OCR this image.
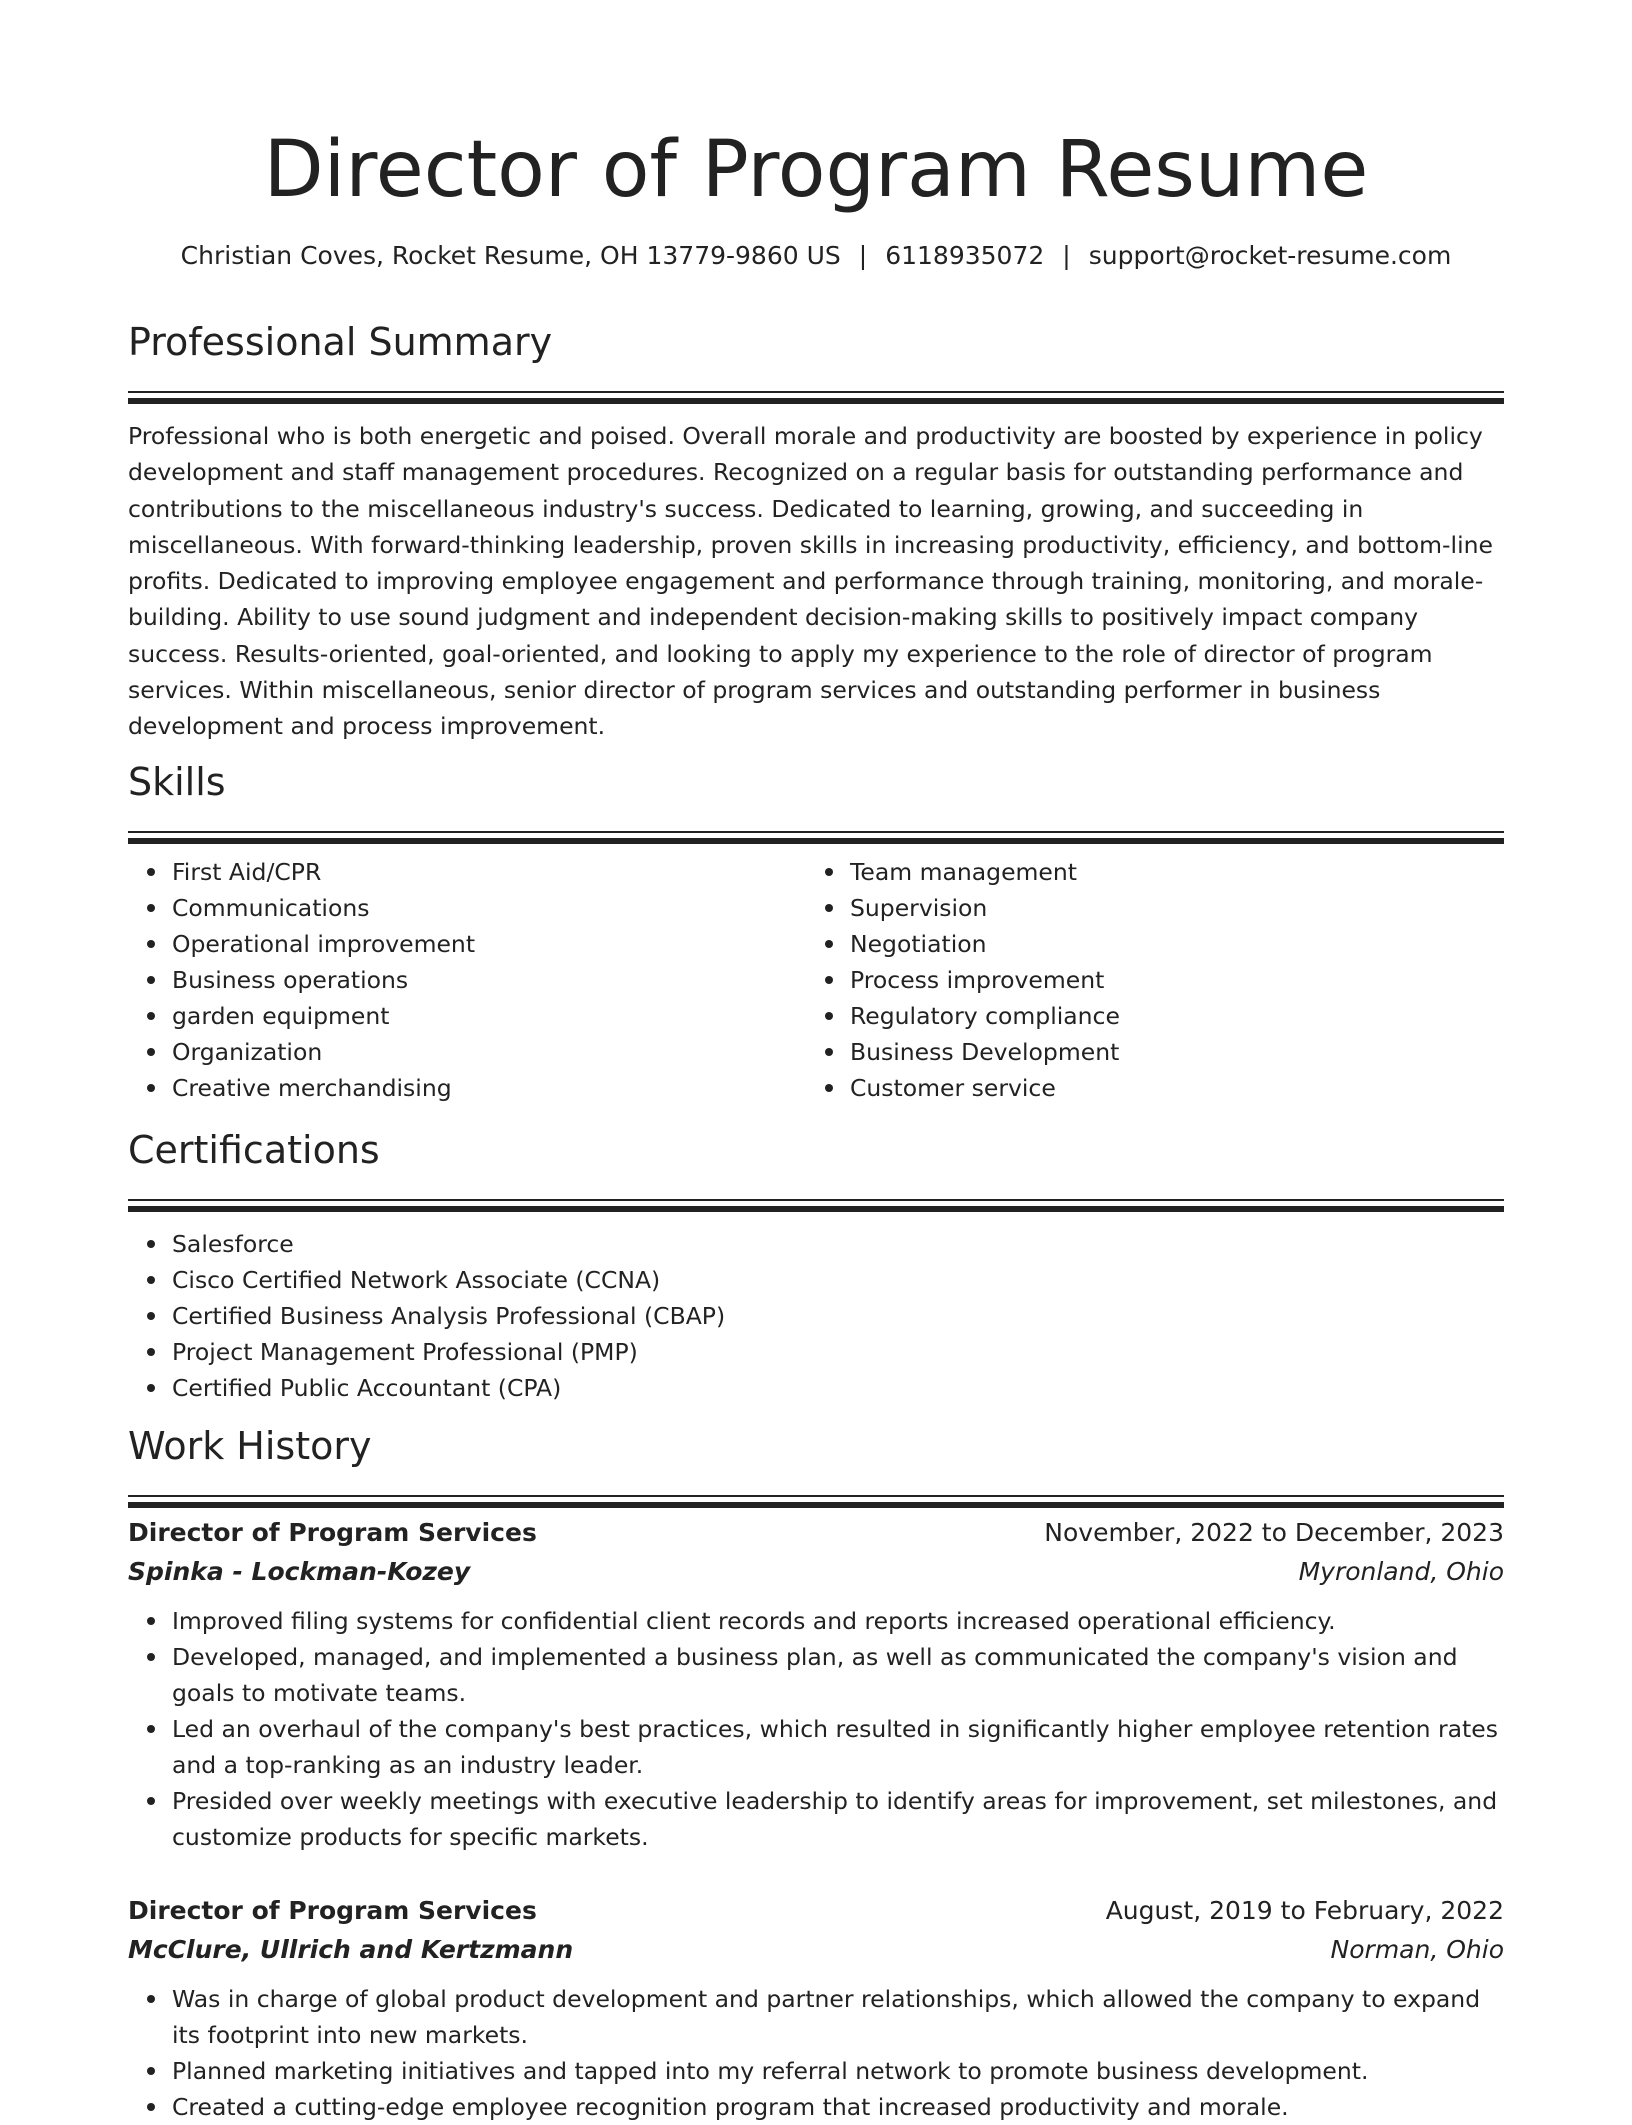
Director of Program Resume
Christian Coves, Rocket Resume, OH 13779-9860 US | 6118935072 | support@rocket-resume.com
Professional Summary

Professional who is both energetic and poised. Overall morale and productivity are boosted by experience in policy development and staff management procedures. Recognized on a regular basis for outstanding performance and contributions to the miscellaneous industry's success. Dedicated to learning, growing, and succeeding in miscellaneous. With forward-thinking leadership, proven skills in increasing productivity, efficiency, and bottom-line profits. Dedicated to improving employee engagement and performance through training, monitoring, and morale-building. Ability to use sound judgment and independent decision-making skills to positively impact company success. Results-oriented, goal-oriented, and looking to apply my experience to the role of director of program services. Within miscellaneous, senior director of program services and outstanding performer in business development and process improvement.

Skills
First Aid/CPR
Communications
Operational improvement
Business operations
garden equipment
Organization
Creative merchandising
Team management
Supervision
Negotiation
Process improvement
Regulatory compliance
Business Development
Customer service
Certifications
Salesforce
Cisco Certified Network Associate (CCNA)
Certified Business Analysis Professional (CBAP)
Project Management Professional (PMP)
Certified Public Accountant (CPA)
Work History
Director of Program Services	November, 2022 to December, 2023
Spinka - Lockman-Kozey	Myronland, Ohio
Improved filing systems for confidential client records and reports increased operational efficiency.
Developed, managed, and implemented a business plan, as well as communicated the company's vision and goals to motivate teams.
Led an overhaul of the company's best practices, which resulted in significantly higher employee retention rates and a top-ranking as an industry leader.
Presided over weekly meetings with executive leadership to identify areas for improvement, set milestones, and customize products for specific markets.
Director of Program Services	August, 2019 to February, 2022
McClure, Ullrich and Kertzmann	Norman, Ohio
Was in charge of global product development and partner relationships, which allowed the company to expand its footprint into new markets.
Planned marketing initiatives and tapped into my referral network to promote business development.
Created a cutting-edge employee recognition program that increased productivity and morale.
